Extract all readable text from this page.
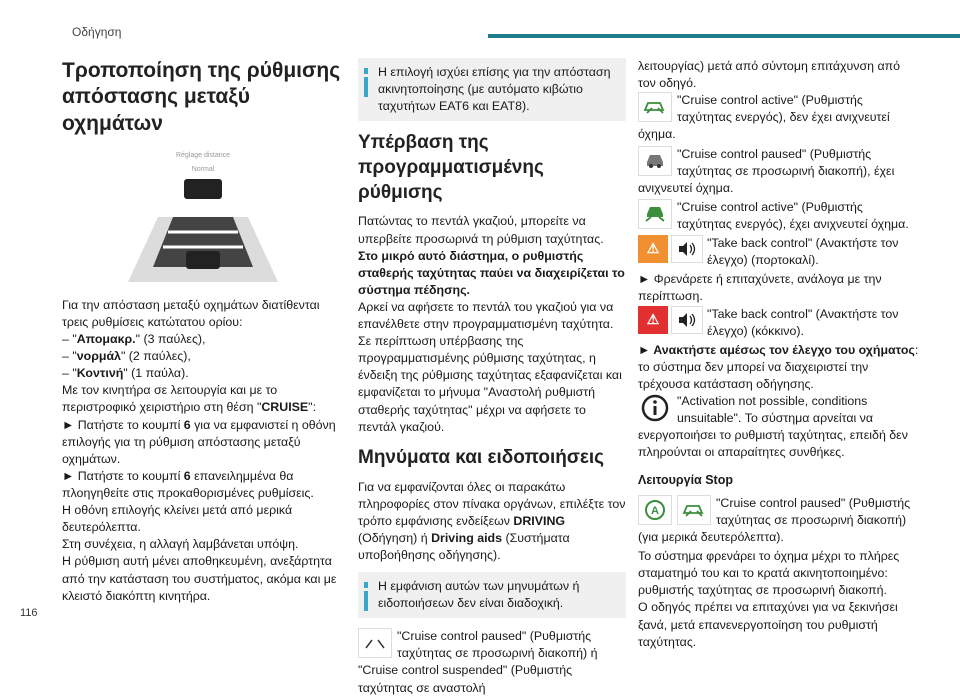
Οδήγηση
116
Τροποποίηση της ρύθμισης απόστασης μεταξύ οχημάτων
Réglage distance
Normal

Για την απόσταση μεταξύ οχημάτων διατίθενται τρεις ρυθμίσεις κατώτατου ορίου:

– "Απομακρ." (3 παύλες),

– "νορμάλ" (2 παύλες),

– "Κοντινή" (1 παύλα).

Με τον κινητήρα σε λειτουργία και με το περιστροφικό χειριστήριο στη θέση "CRUISE":

► Πατήστε το κουμπί 6 για να εμφανιστεί η οθόνη επιλογής για τη ρύθμιση απόστασης μεταξύ οχημάτων.

► Πατήστε το κουμπί 6 επανειλημμένα θα πλοηγηθείτε στις προκαθορισμένες ρυθμίσεις.

Η οθόνη επιλογής κλείνει μετά από μερικά δευτερόλεπτα.

Στη συνέχεια, η αλλαγή λαμβάνεται υπόψη.

Η ρύθμιση αυτή μένει αποθηκευμένη, ανεξάρτητα από την κατάσταση του συστήματος, ακόμα και με κλειστό διακόπτη κινητήρα.

Η επιλογή ισχύει επίσης για την απόσταση ακινητοποίησης (με αυτόματο κιβώτιο ταχυτήτων EAT6 και EAT8).
Υπέρβαση της προγραμματισμένης ρύθμισης

Πατώντας το πεντάλ γκαζιού, μπορείτε να υπερβείτε προσωρινά τη ρύθμιση ταχύτητας.

Στο μικρό αυτό διάστημα, ο ρυθμιστής σταθερής ταχύτητας παύει να διαχειρίζεται το σύστημα πέδησης.

Αρκεί να αφήσετε το πεντάλ του γκαζιού για να επανέλθετε στην προγραμματισμένη ταχύτητα.

Σε περίπτωση υπέρβασης της προγραμματισμένης ρύθμισης ταχύτητας, η ένδειξη της ρύθμισης ταχύτητας εξαφανίζεται και εμφανίζεται το μήνυμα "Αναστολή ρυθμιστή σταθερής ταχύτητας" μέχρι να αφήσετε το πεντάλ γκαζιού.

Μηνύματα και ειδοποιήσεις

Για να εμφανίζονται όλες οι παρακάτω πληροφορίες στον πίνακα οργάνων, επιλέξτε τον τρόπο εμφάνισης ενδείξεων DRIVING (Οδήγηση) ή Driving aids (Συστήματα υποβοήθησης οδήγησης).

Η εμφάνιση αυτών των μηνυμάτων ή ειδοποιήσεων δεν είναι διαδοχική.
"Cruise control paused" (Ρυθμιστής ταχύτητας σε προσωρινή διακοπή) ή "Cruise control suspended" (Ρυθμιστής ταχύτητας σε αναστολή

λειτουργίας) μετά από σύντομη επιτάχυνση από τον οδηγό.

"Cruise control active" (Ρυθμιστής ταχύτητας ενεργός), δεν έχει ανιχνευτεί όχημα.
"Cruise control paused" (Ρυθμιστής ταχύτητας σε προσωρινή διακοπή), έχει ανιχνευτεί όχημα.
"Cruise control active" (Ρυθμιστής ταχύτητας ενεργός), έχει ανιχνευτεί όχημα.
⚠	"Take back control" (Ανακτήστε τον έλεγχο) (πορτοκαλί).

► Φρενάρετε ή επιταχύνετε, ανάλογα με την περίπτωση.

⚠	"Take back control" (Ανακτήστε τον έλεγχο) (κόκκινο).

► Ανακτήστε αμέσως τον έλεγχο του οχήματος: το σύστημα δεν μπορεί να διαχειριστεί την τρέχουσα κατάσταση οδήγησης.

"Activation not possible, conditions unsuitable". Το σύστημα αρνείται να ενεργοποιήσει το ρυθμιστή ταχύτητας, επειδή δεν πληρούνται οι απαραίτητες συνθήκες.
Λειτουργία Stop
A
"Cruise control paused" (Ρυθμιστής ταχύτητας σε προσωρινή διακοπή) (για μερικά δευτερόλεπτα).

Το σύστημα φρενάρει το όχημα μέχρι το πλήρες σταματημό του και το κρατά ακινητοποιημένο: ρυθμιστής ταχύτητας σε προσωρινή διακοπή.

Ο οδηγός πρέπει να επιταχύνει για να ξεκινήσει ξανά, μετά επανενεργοποίηση του ρυθμιστή ταχύτητας.
